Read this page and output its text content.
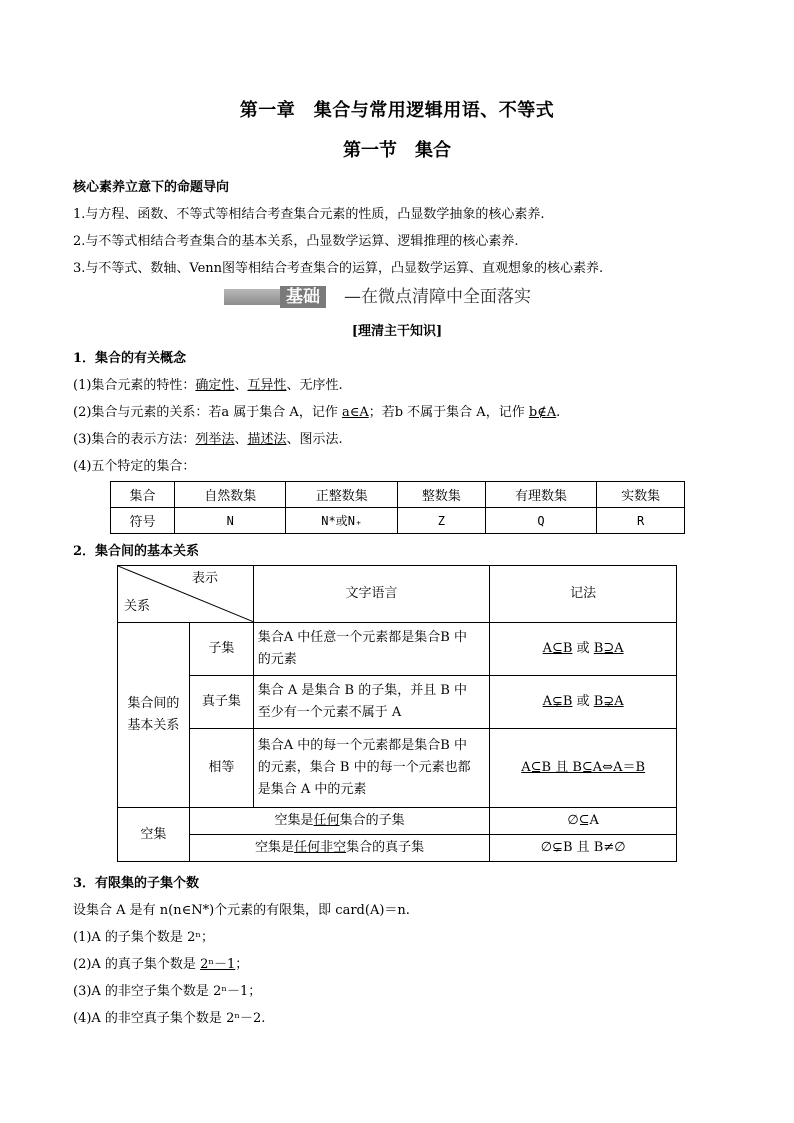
第一章　集合与常用逻辑用语、不等式
第一节　集合
核心素养立意下的命题导向
1.与方程、函数、不等式等相结合考查集合元素的性质，凸显数学抽象的核心素养.
2.与不等式相结合考查集合的基本关系，凸显数学运算、逻辑推理的核心素养.
3.与不等式、数轴、Venn图等相结合考查集合的运算，凸显数学运算、直观想象的核心素养.
基础	—在微点清障中全面落实
[理清主干知识]
1．集合的有关概念
(1)集合元素的特性：确定性、互异性、无序性.
(2)集合与元素的关系：若a 属于集合 A，记作 a∈A；若b 不属于集合 A，记作 b∉A.
(3)集合的表示方法：列举法、描述法、图示法.
(4)五个特定的集合：
集合	自然数集	正整数集	整数集	有理数集	实数集
符号	N	N*或N₊	Z	Q	R
2．集合间的基本关系
表示
关系		文字语言	记法
集合间的
基本关系	子集	集合A 中任意一个元素都是集合B 中
的元素	A⊆B 或 B⊇A
	真子集	集合 A 是集合 B 的子集，并且 B 中
至少有一个元素不属于 A	A⊊B 或 B⊋A
	相等	集合A 中的每一个元素都是集合B 中
的元素，集合 B 中的每一个元素也都
是集合 A 中的元素	A⊆B 且 B⊆A⇔A＝B
空集	空集是任何集合的子集		∅⊆A
	空集是任何非空集合的真子集		∅⊊B 且 B≠∅
3．有限集的子集个数
设集合 A 是有 n(n∈N*)个元素的有限集，即 card(A)＝n.
(1)A 的子集个数是 2ⁿ；
(2)A 的真子集个数是 2ⁿ－1；
(3)A 的非空子集个数是 2ⁿ－1；
(4)A 的非空真子集个数是 2ⁿ－2.
